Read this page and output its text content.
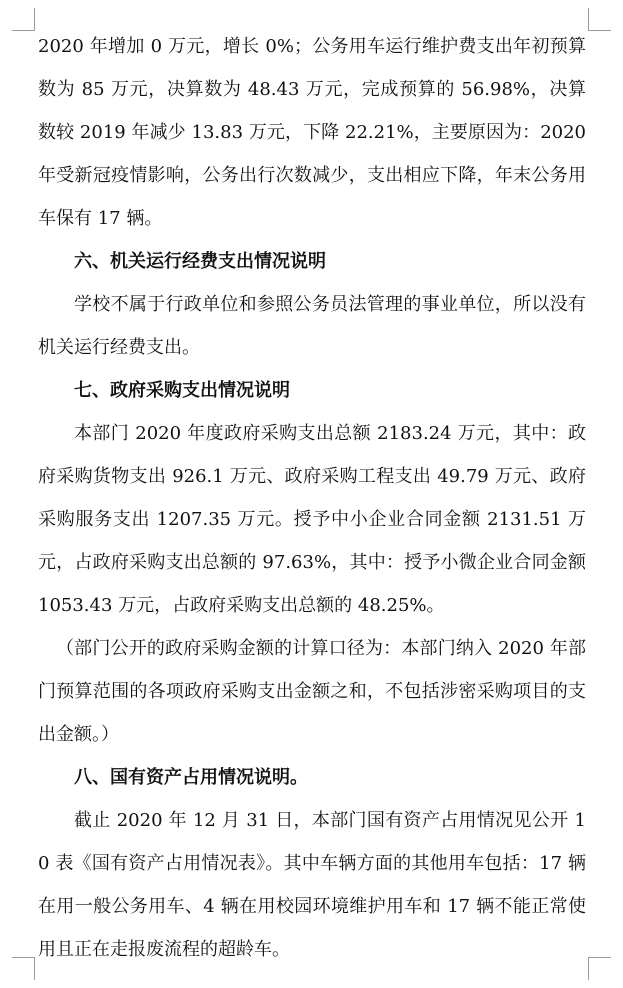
2020 年增加 0 万元，增长 0%；公务用车运行维护费支出年初预算数为 85 万元，决算数为 48.43 万元，完成预算的 56.98%，决算数较 2019 年减少 13.83 万元，下降 22.21%，主要原因为：2020 年受新冠疫情影响，公务出行次数减少，支出相应下降，年末公务用车保有 17 辆。

六、机关运行经费支出情况说明

学校不属于行政单位和参照公务员法管理的事业单位，所以没有机关运行经费支出。

七、政府采购支出情况说明

本部门 2020 年度政府采购支出总额 2183.24 万元，其中：政府采购货物支出 926.1 万元、政府采购工程支出 49.79 万元、政府采购服务支出 1207.35 万元。授予中小企业合同金额 2131.51 万元，占政府采购支出总额的 97.63%，其中：授予小微企业合同金额 1053.43 万元，占政府采购支出总额的 48.25%。

（部门公开的政府采购金额的计算口径为：本部门纳入 2020 年部门预算范围的各项政府采购支出金额之和，不包括涉密采购项目的支出金额。）

八、国有资产占用情况说明。

截止 2020 年 12 月 31 日，本部门国有资产占用情况见公开 10 表《国有资产占用情况表》。其中车辆方面的其他用车包括：17 辆在用一般公务用车、4 辆在用校园环境维护用车和 17 辆不能正常使用且正在走报废流程的超龄车。
